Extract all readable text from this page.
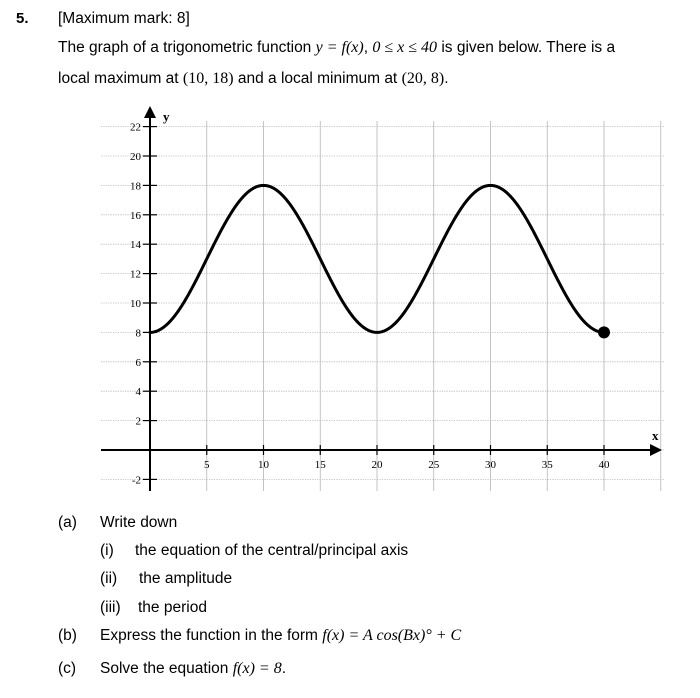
5. [Maximum mark: 8]
The graph of a trigonometric function y = f(x), 0 ≤ x ≤ 40 is given below. There is a
local maximum at (10, 18) and a local minimum at (20, 8).
x
y
5	10	15	20	25	30	35	40
-2
2
4
6
8
10
12
14
16
18
20
22
(a) Write down
(i) the equation of the central/principal axis
(ii) the amplitude
(iii) the period
(b) Express the function in the form f(x) = A cos(Bx)° + C
(c) Solve the equation f(x) = 8.
